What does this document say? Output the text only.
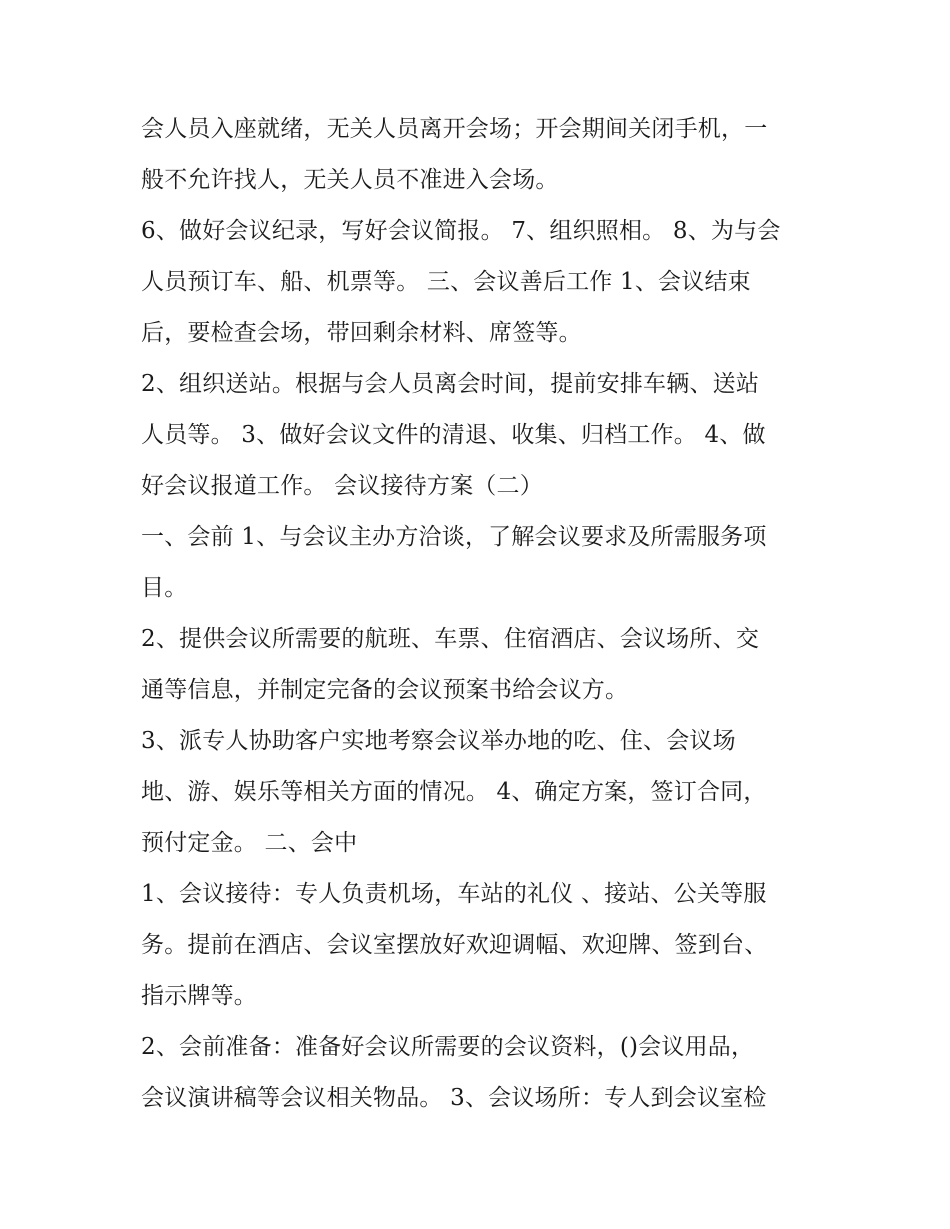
会人员入座就绪，无关人员离开会场；开会期间关闭手机，一
般不允许找人，无关人员不准进入会场。
6、做好会议纪录，写好会议简报。 7、组织照相。 8、为与会
人员预订车、船、机票等。 三、会议善后工作 1、会议结束
后，要检查会场，带回剩余材料、席签等。
2、组织送站。根据与会人员离会时间，提前安排车辆、送站
人员等。 3、做好会议文件的清退、收集、归档工作。 4、做
好会议报道工作。 会议接待方案（二）
一、会前 1、与会议主办方洽谈，了解会议要求及所需服务项
目。
2、提供会议所需要的航班、车票、住宿酒店、会议场所、交
通等信息，并制定完备的会议预案书给会议方。
3、派专人协助客户实地考察会议举办地的吃、住、会议场
地、游、娱乐等相关方面的情况。 4、确定方案，签订合同，
预付定金。 二、会中
1、会议接待：专人负责机场，车站的礼仪 、接站、公关等服
务。提前在酒店、会议室摆放好欢迎调幅、欢迎牌、签到台、
指示牌等。
2、会前准备：准备好会议所需要的会议资料，()会议用品，
会议演讲稿等会议相关物品。 3、会议场所：专人到会议室检
